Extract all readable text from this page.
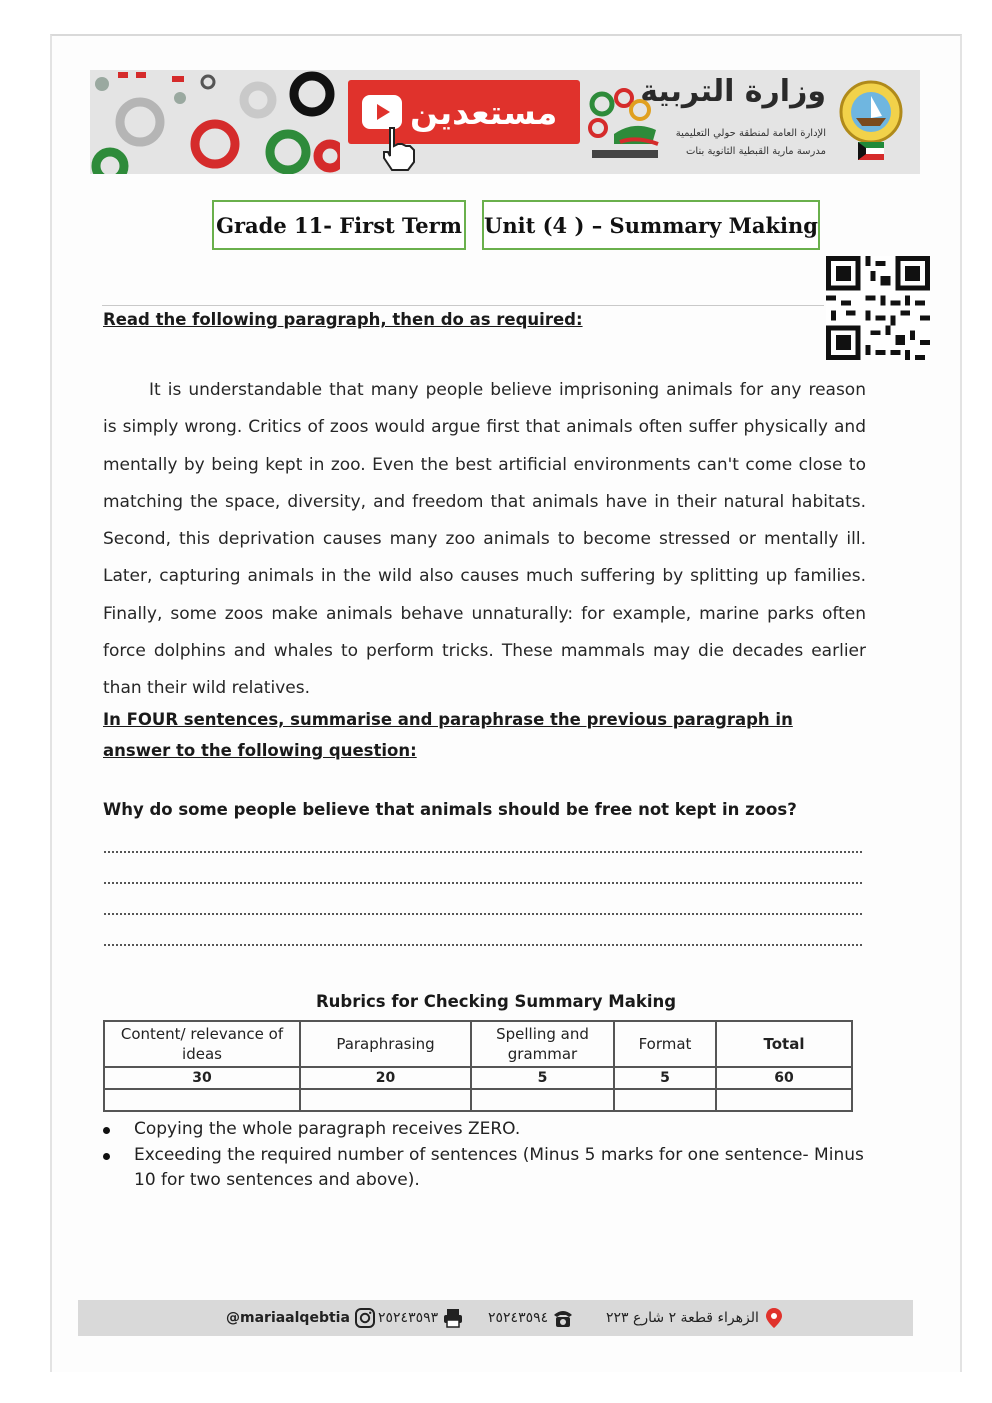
مستعدين
وزارة التربية
الإدارة العامة لمنطقة حولي التعليمية
مدرسة مارية القبطية الثانوية بنات
Grade 11- First Term Unit (4 ) – Summary Making
Read the following paragraph, then do as required:

It is understandable that many people believe imprisoning animals for any reason is simply wrong. Critics of zoos would argue first that animals often suffer physically and mentally by being kept in zoo. Even the best artificial environments can't come close to matching the space, diversity, and freedom that animals have in their natural habitats. Second, this deprivation causes many zoo animals to become stressed or mentally ill. Later, capturing animals in the wild also causes much suffering by splitting up families. Finally, some zoos make animals behave unnaturally: for example, marine parks often force dolphins and whales to perform tricks. These mammals may die decades earlier than their wild relatives.

In FOUR sentences, summarise and paraphrase the previous paragraph in answer to the following question:

Why do some people believe that animals should be free not kept in zoos?
Rubrics for Checking Summary Making
Content/ relevance of ideas	Paraphrasing	Spelling and grammar	Format	Total
30	20	5	5	60

Copying the whole paragraph receives ZERO.
Exceeding the required number of sentences (Minus 5 marks for one sentence- Minus 10 for two sentences and above).
@mariaalqebtia ٢٥٢٤٣٥٩٣	٢٥٢٤٣٥٩٤	الزهراء قطعة ٢ شارع ٢٢٣
